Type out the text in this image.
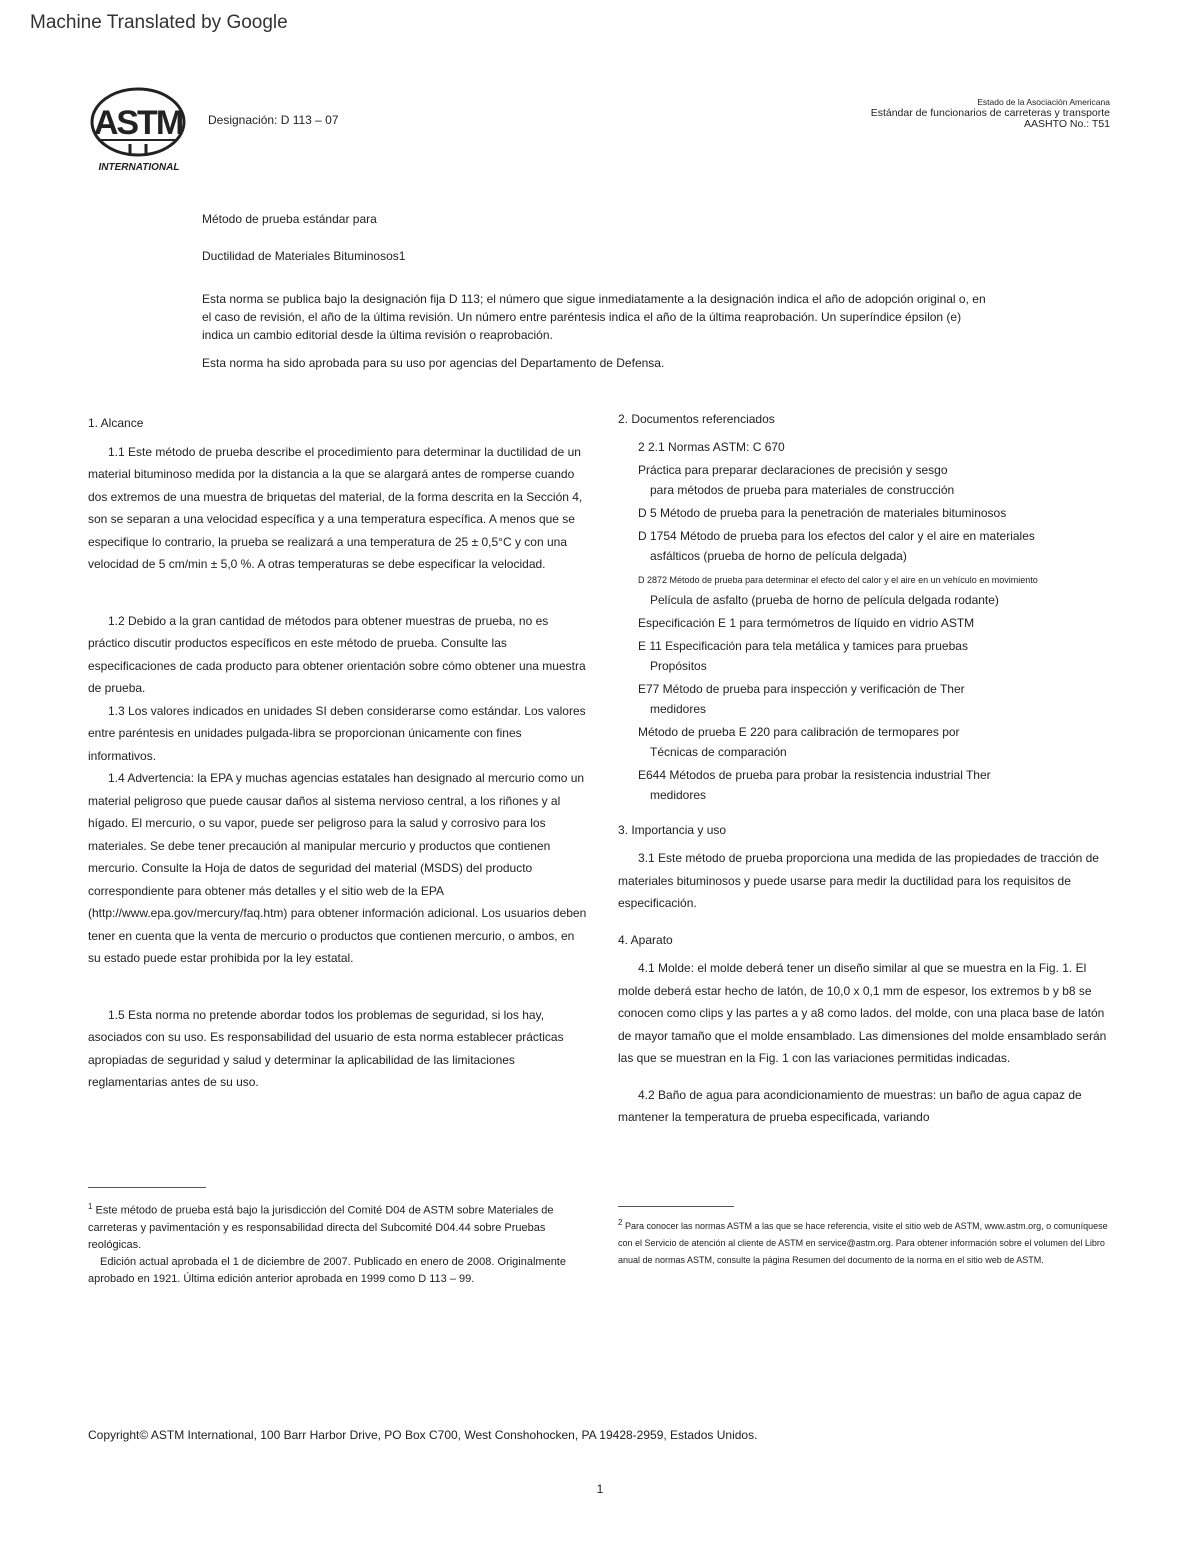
Machine Translated by Google
ASTM
INTERNATIONAL
Designación: D 113 – 07
Estado de la Asociación Americana
Estándar de funcionarios de carreteras y transporte
AASHTO No.: T51
Método de prueba estándar para
Ductilidad de Materiales Bituminosos1

Esta norma se publica bajo la designación fija D 113; el número que sigue inmediatamente a la designación indica el año de adopción original o, en el caso de revisión, el año de la última revisión. Un número entre paréntesis indica el año de la última reaprobación. Un superíndice épsilon (e) indica un cambio editorial desde la última revisión o reaprobación.

Esta norma ha sido aprobada para su uso por agencias del Departamento de Defensa.

1. Alcance

1.1 Este método de prueba describe el procedimiento para determinar la ductilidad de un material bituminoso medida por la distancia a la que se alargará antes de romperse cuando dos extremos de una muestra de briquetas del material, de la forma descrita en la Sección 4, son se separan a una velocidad específica y a una temperatura específica. A menos que se especifique lo contrario, la prueba se realizará a una temperatura de 25 ± 0,5°C y con una velocidad de 5 cm/min ± 5,0 %. A otras temperaturas se debe especificar la velocidad.

1.2 Debido a la gran cantidad de métodos para obtener muestras de prueba, no es práctico discutir productos específicos en este método de prueba. Consulte las especificaciones de cada producto para obtener orientación sobre cómo obtener una muestra de prueba.

1.3 Los valores indicados en unidades SI deben considerarse como estándar. Los valores entre paréntesis en unidades pulgada-libra se proporcionan únicamente con fines informativos.

1.4 Advertencia: la EPA y muchas agencias estatales han designado al mercurio como un material peligroso que puede causar daños al sistema nervioso central, a los riñones y al hígado. El mercurio, o su vapor, puede ser peligroso para la salud y corrosivo para los materiales. Se debe tener precaución al manipular mercurio y productos que contienen mercurio. Consulte la Hoja de datos de seguridad del material (MSDS) del producto correspondiente para obtener más detalles y el sitio web de la EPA (http://www.epa.gov/mercury/faq.htm) para obtener información adicional. Los usuarios deben tener en cuenta que la venta de mercurio o productos que contienen mercurio, o ambos, en su estado puede estar prohibida por la ley estatal.

1.5 Esta norma no pretende abordar todos los problemas de seguridad, si los hay, asociados con su uso. Es responsabilidad del usuario de esta norma establecer prácticas apropiadas de seguridad y salud y determinar la aplicabilidad de las limitaciones reglamentarias antes de su uso.

2. Documentos referenciados

2 2.1 Normas ASTM: C 670

Práctica para preparar declaraciones de precisión y sesgo
para métodos de prueba para materiales de construcción

D 5 Método de prueba para la penetración de materiales bituminosos

D 1754 Método de prueba para los efectos del calor y el aire en materiales
asfálticos (prueba de horno de película delgada)

D 2872 Método de prueba para determinar el efecto del calor y el aire en un vehículo en movimiento
Película de asfalto (prueba de horno de película delgada rodante)

Especificación E 1 para termómetros de líquido en vidrio ASTM

E 11 Especificación para tela metálica y tamices para pruebas
Propósitos

E77 Método de prueba para inspección y verificación de Ther
medidores

Método de prueba E 220 para calibración de termopares por
Técnicas de comparación

E644 Métodos de prueba para probar la resistencia industrial Ther
medidores

3. Importancia y uso

3.1 Este método de prueba proporciona una medida de las propiedades de tracción de materiales bituminosos y puede usarse para medir la ductilidad para los requisitos de especificación.

4. Aparato

4.1 Molde: el molde deberá tener un diseño similar al que se muestra en la Fig. 1. El molde deberá estar hecho de latón, de 10,0 x 0,1 mm de espesor, los extremos b y b8 se conocen como clips y las partes a y a8 como lados. del molde, con una placa base de latón de mayor tamaño que el molde ensamblado. Las dimensiones del molde ensamblado serán las que se muestran en la Fig. 1 con las variaciones permitidas indicadas.

4.2 Baño de agua para acondicionamiento de muestras: un baño de agua capaz de mantener la temperatura de prueba especificada, variando

$^1$ Este método de prueba está bajo la jurisdicción del Comité D04 de ASTM sobre Materiales de carreteras y pavimentación y es responsabilidad directa del Subcomité D04.44 sobre Pruebas reológicas.

Edición actual aprobada el 1 de diciembre de 2007. Publicado en enero de 2008. Originalmente aprobado en 1921. Última edición anterior aprobada en 1999 como D 113 – 99.

$^2$ Para conocer las normas ASTM a las que se hace referencia, visite el sitio web de ASTM, www.astm.org, o comuníquese con el Servicio de atención al cliente de ASTM en service@astm.org. Para obtener información sobre el volumen del Libro anual de normas ASTM, consulte la página Resumen del documento de la norma en el sitio web de ASTM.

Copyright© ASTM International, 100 Barr Harbor Drive, PO Box C700, West Conshohocken, PA 19428-2959, Estados Unidos.
1
